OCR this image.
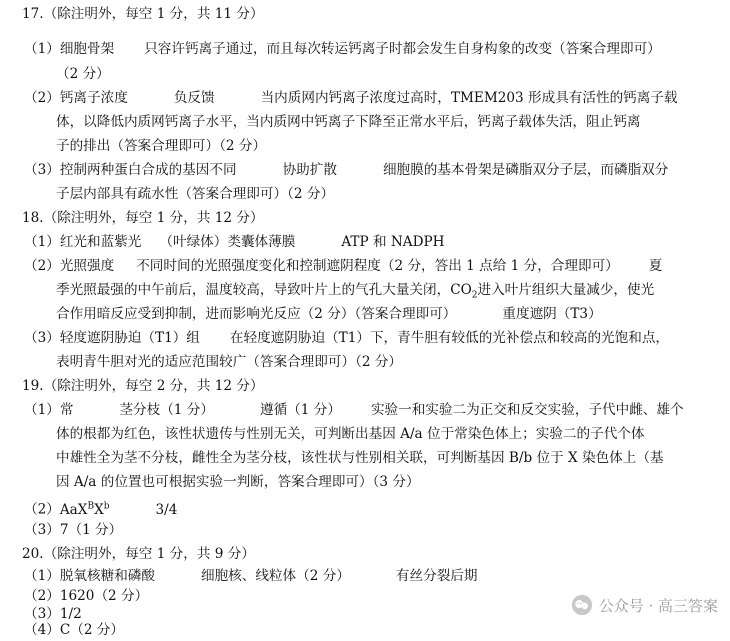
17.（除注明外，每空 1 分，共 11 分）
（1）细胞骨架 只容许钙离子通过，而且每次转运钙离子时都会发生自身构象的改变（答案合理即可）
（2 分）
（2）钙离子浓度	负反馈	当内质网内钙离子浓度过高时，TMEM203 形成具有活性的钙离子载
体，以降低内质网钙离子水平，当内质网中钙离子下降至正常水平后，钙离子载体失活，阻止钙离
子的排出（答案合理即可）（2 分）
（3）控制两种蛋白合成的基因不同	协助扩散	细胞膜的基本骨架是磷脂双分子层，而磷脂双分
子层内部具有疏水性（答案合理即可）（2 分）
18.（除注明外，每空 1 分，共 12 分）
（1）红光和蓝紫光 （叶绿体）类囊体薄膜	ATP 和 NADPH
（2）光照强度 不同时间的光照强度变化和控制遮阴程度（2 分，答出 1 点给 1 分，合理即可） 夏
季光照最强的中午前后，温度较高，导致叶片上的气孔大量关闭，$CO_2$进入叶片组织大量减少，使光
合作用暗反应受到抑制，进而影响光反应（2 分）（答案合理即可）	重度遮阴（T3）
（3）轻度遮阴胁迫（T1）组 在轻度遮阴胁迫（T1）下，青牛胆有较低的光补偿点和较高的光饱和点，
表明青牛胆对光的适应范围较广（答案合理即可）（2 分）
19.（除注明外，每空 2 分，共 12 分）
（1）常	茎分枝（1 分）	遵循（1 分） 实验一和实验二为正交和反交实验，子代中雌、雄个
体的根都为红色，该性状遗传与性别无关，可判断出基因 A/a 位于常染色体上；实验二的子代个体
中雄性全为茎不分枝，雌性全为茎分枝，该性状与性别相关联，可判断基因 B/b 位于 X 染色体上（基
因 A/a 的位置也可根据实验一判断，答案合理即可）（3 分）
$(2)AaX^BX^b$	3/4
（3）7（1 分）
20.（除注明外，每空 1 分，共 9 分）
（1）脱氧核糖和磷酸	细胞核、线粒体（2 分）	有丝分裂后期
（2）1620（2 分）
（3）1/2
（4）C（2 分）
公众号 · 高三答案
